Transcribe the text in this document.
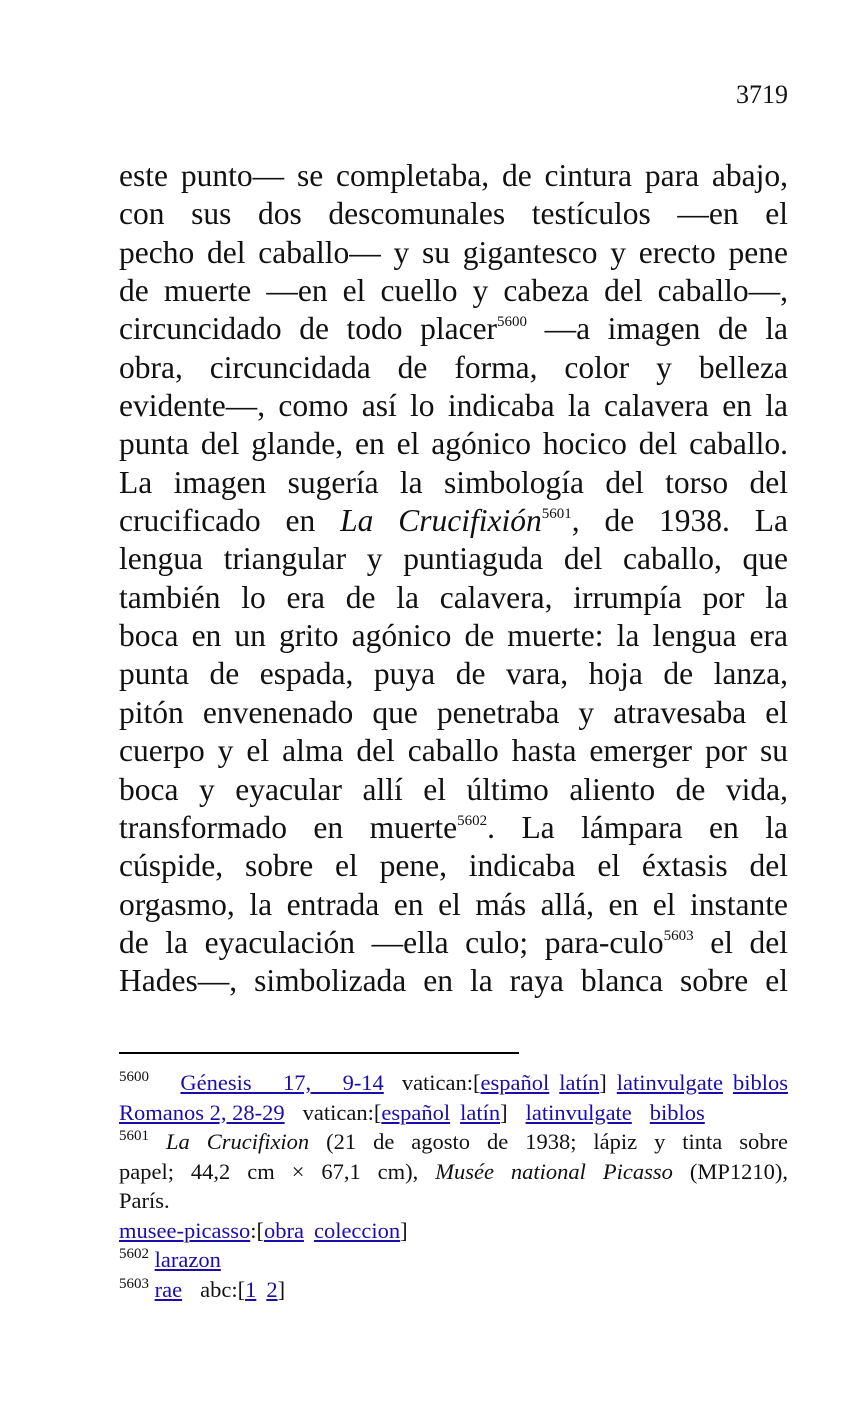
3719
este punto— se completaba, de cintura para abajo,
con sus dos descomunales testículos —en el
pecho del caballo— y su gigantesco y erecto pene
de muerte —en el cuello y cabeza del caballo—,
circuncidado de todo placer$^{5600}$ —a imagen de la
obra, circuncidada de forma, color y belleza
evidente—, como así lo indicaba la calavera en la
punta del glande, en el agónico hocico del caballo.
La imagen sugería la simbología del torso del
crucificado en La Crucifixión$^{5601}$, de 1938. La
lengua triangular y puntiaguda del caballo, que
también lo era de la calavera, irrumpía por la
boca en un grito agónico de muerte: la lengua era
punta de espada, puya de vara, hoja de lanza,
pitón envenenado que penetraba y atravesaba el
cuerpo y el alma del caballo hasta emerger por su
boca y eyacular allí el último aliento de vida,
transformado en muerte$^{5602}$. La lámpara en la
cúspide, sobre el pene, indicaba el éxtasis del
orgasmo, la entrada en el más allá, en el instante
de la eyaculación —ella culo; para-culo$^{5603}$ el del
Hades—, simbolizada en la raya blanca sobre el
$^{5600}$ Génesis 17, 9-14 vatican:[español latín] latinvulgate biblos
Romanos 2, 28-29 vatican:[español latín] latinvulgate biblos
$^{5601}$ La Crucifixion (21 de agosto de 1938; lápiz y tinta sobre
papel; 44,2 cm × 67,1 cm), Musée national Picasso (MP1210),
París.
musee-picasso:[obra coleccion]
$^{5602}$ larazon
$^{5603}$ rae abc:[1 2]
